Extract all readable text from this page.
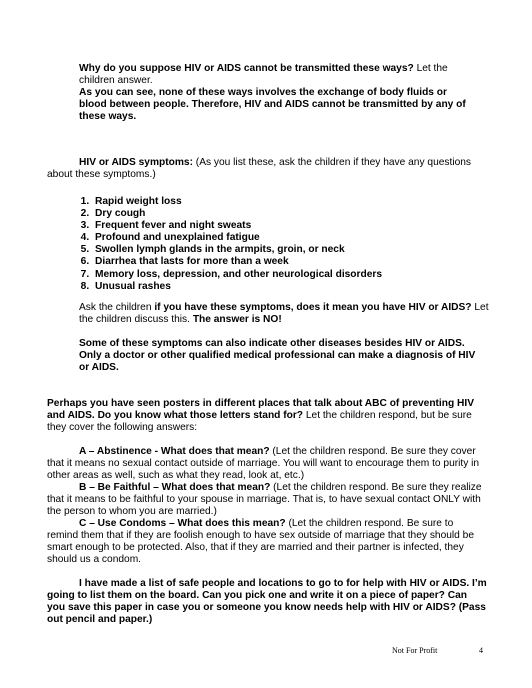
Why do you suppose HIV or AIDS cannot be transmitted these ways? Let the children answer.
As you can see, none of these ways involves the exchange of body fluids or blood between people. Therefore, HIV and AIDS cannot be transmitted by any of these ways.

HIV or AIDS symptoms: (As you list these, ask the children if they have any questions about these symptoms.)

1. Rapid weight loss
2. Dry cough
3. Frequent fever and night sweats
4. Profound and unexplained fatigue
5. Swollen lymph glands in the armpits, groin, or neck
6. Diarrhea that lasts for more than a week
7. Memory loss, depression, and other neurological disorders
8. Unusual rashes

Ask the children if you have these symptoms, does it mean you have HIV or AIDS? Let the children discuss this. The answer is NO!

Some of these symptoms can also indicate other diseases besides HIV or AIDS. Only a doctor or other qualified medical professional can make a diagnosis of HIV or AIDS.

Perhaps you have seen posters in different places that talk about ABC of preventing HIV and AIDS. Do you know what those letters stand for? Let the children respond, but be sure they cover the following answers:

A – Abstinence - What does that mean? (Let the children respond. Be sure they cover that it means no sexual contact outside of marriage. You will want to encourage them to purity in other areas as well, such as what they read, look at, etc.)

B – Be Faithful – What does that mean? (Let the children respond. Be sure they realize that it means to be faithful to your spouse in marriage. That is, to have sexual contact ONLY with the person to whom you are married.)

C – Use Condoms – What does this mean? (Let the children respond. Be sure to remind them that if they are foolish enough to have sex outside of marriage that they should be smart enough to be protected. Also, that if they are married and their partner is infected, they should us a condom.

I have made a list of safe people and locations to go to for help with HIV or AIDS. I’m going to list them on the board. Can you pick one and write it on a piece of paper? Can you save this paper in case you or someone you know needs help with HIV or AIDS? (Pass out pencil and paper.)

Not For Profit	4
